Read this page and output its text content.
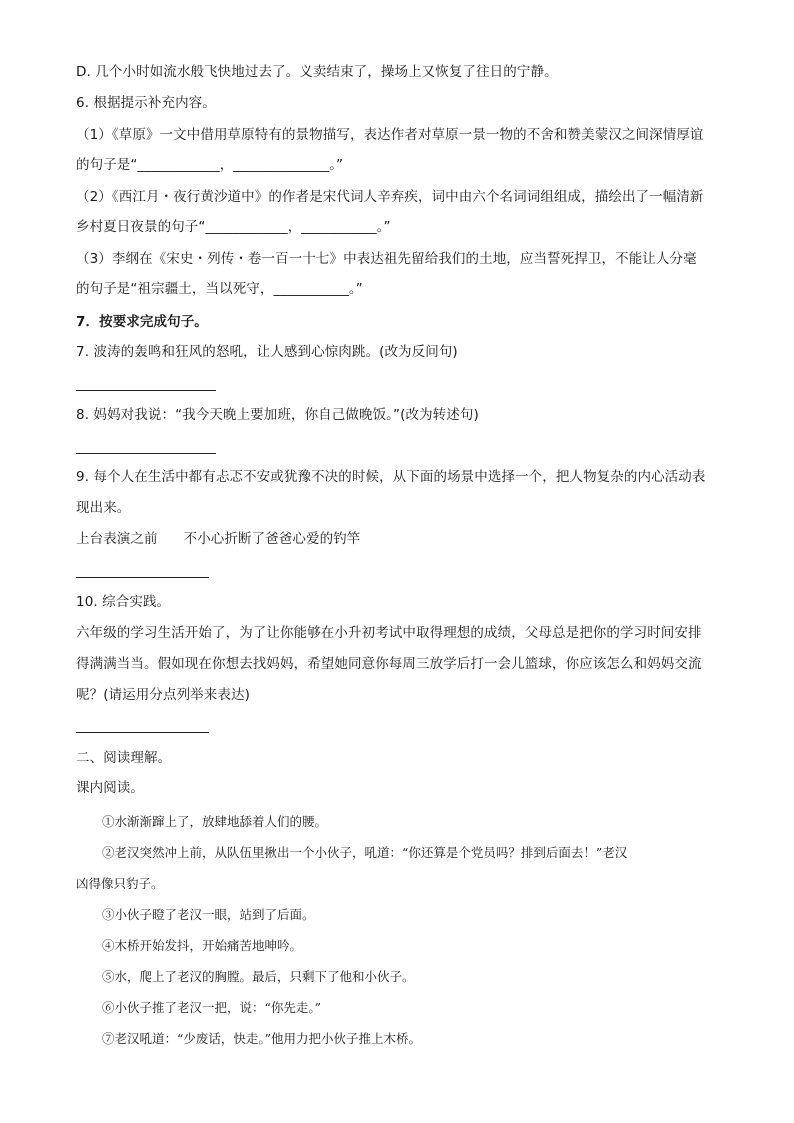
D. 几个小时如流水般飞快地过去了。义卖结束了，操场上又恢复了往日的宁静。
6. 根据提示补充内容。
（1）《草原》一文中借用草原特有的景物描写，表达作者对草原一景一物的不舍和赞美蒙汉之间深情厚谊
的句子是“____________，______________。”
（2）《西江月・夜行黄沙道中》的作者是宋代词人辛弃疾，词中由六个名词词组组成，描绘出了一幅清新
乡村夏日夜景的句子“____________，___________。”
（3）李纲在《宋史・列传・卷一百一十七》中表达祖先留给我们的土地，应当誓死捍卫，不能让人分毫
的句子是“祖宗疆土，当以死守，___________。”
7．按要求完成句子。
7. 波涛的轰鸣和狂风的怒吼，让人感到心惊肉跳。(改为反问句)
8. 妈妈对我说：“我今天晚上要加班，你自己做晚饭。”(改为转述句)
9. 每个人在生活中都有忐忑不安或犹豫不决的时候，从下面的场景中选择一个，把人物复杂的内心活动表
现出来。
上台表演之前 不小心折断了爸爸心爱的钓竿
10. 综合实践。
六年级的学习生活开始了，为了让你能够在小升初考试中取得理想的成绩，父母总是把你的学习时间安排
得满满当当。假如现在你想去找妈妈，希望她同意你每周三放学后打一会儿篮球，你应该怎么和妈妈交流
呢？(请运用分点列举来表达)
二、阅读理解。
课内阅读。
①水渐渐蹿上了，放肆地舔着人们的腰。
②老汉突然冲上前，从队伍里揪出一个小伙子，吼道：“你还算是个党员吗？排到后面去！”老汉
凶得像只豹子。
③小伙子瞪了老汉一眼，站到了后面。
④木桥开始发抖，开始痛苦地呻吟。
⑤水，爬上了老汉的胸膛。最后，只剩下了他和小伙子。
⑥小伙子推了老汉一把，说：“你先走。”
⑦老汉吼道：“少废话，快走。”他用力把小伙子推上木桥。
